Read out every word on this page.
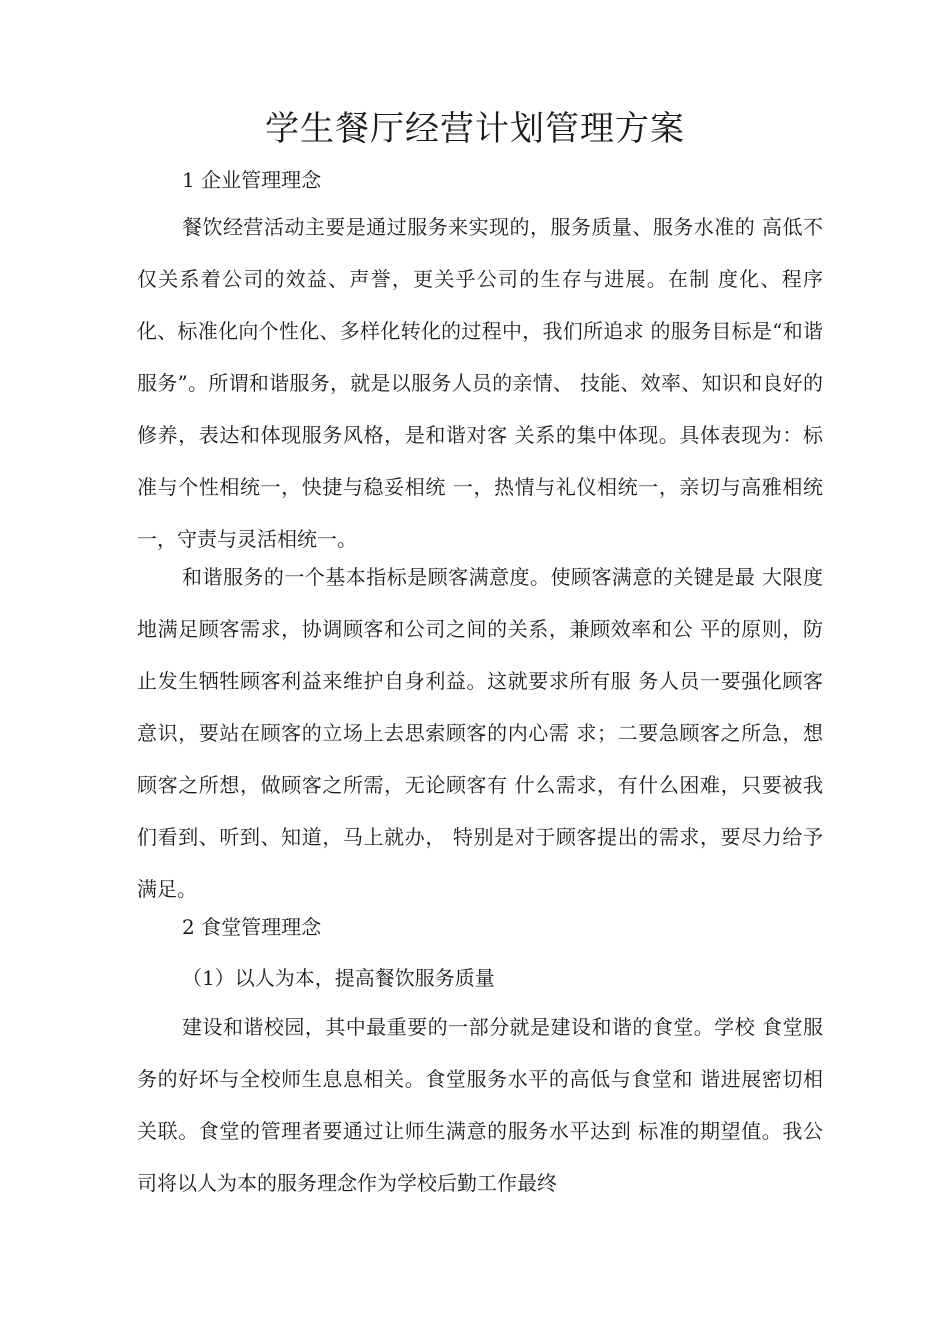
学生餐厅经营计划管理方案
1 企业管理理念

餐饮经营活动主要是通过服务来实现的，服务质量、服务水准的 高低不仅关系着公司的效益、声誉，更关乎公司的生存与进展。在制 度化、程序化、标准化向个性化、多样化转化的过程中，我们所追求 的服务目标是“和谐服务”。所谓和谐服务，就是以服务人员的亲情、 技能、效率、知识和良好的修养，表达和体现服务风格，是和谐对客 关系的集中体现。具体表现为：标准与个性相统一，快捷与稳妥相统 一，热情与礼仪相统一，亲切与高雅相统一，守责与灵活相统一。

和谐服务的一个基本指标是顾客满意度。使顾客满意的关键是最 大限度地满足顾客需求，协调顾客和公司之间的关系，兼顾效率和公 平的原则，防止发生牺牲顾客利益来维护自身利益。这就要求所有服 务人员一要强化顾客意识，要站在顾客的立场上去思索顾客的内心需 求；二要急顾客之所急，想顾客之所想，做顾客之所需，无论顾客有 什么需求，有什么困难，只要被我们看到、听到、知道，马上就办， 特别是对于顾客提出的需求，要尽力给予满足。

2 食堂管理理念
（1）以人为本，提高餐饮服务质量

建设和谐校园，其中最重要的一部分就是建设和谐的食堂。学校 食堂服务的好坏与全校师生息息相关。食堂服务水平的高低与食堂和 谐进展密切相关联。食堂的管理者要通过让师生满意的服务水平达到 标准的期望值。我公司将以人为本的服务理念作为学校后勤工作最终
